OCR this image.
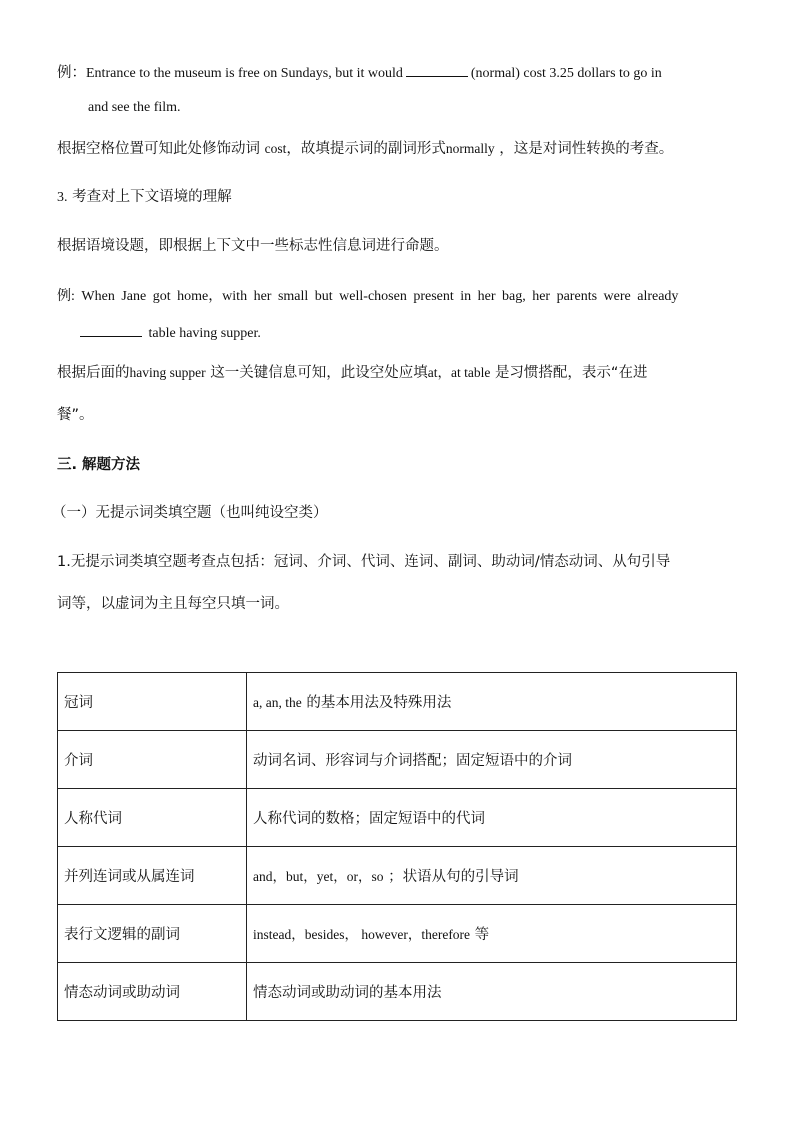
例：Entrance to the museum is free on Sundays, but it would	(normal) cost 3.25 dollars to go in
and see the film.
根据空格位置可知此处修饰动词 cost，故填提示词的副词形式normally ，这是对词性转换的考查。
3. 考查对上下文语境的理解
根据语境设题，即根据上下文中一些标志性信息词进行命题。
例: When Jane got home，with her small but well-chosen present in her bag, her parents were already
table having supper.
根据后面的having supper 这一关键信息可知，此设空处应填at，at table 是习惯搭配，表示“在进
餐”。
三. 解题方法
（一）无提示词类填空题（也叫纯设空类）
1.无提示词类填空题考查点包括：冠词、介词、代词、连词、副词、助动词/情态动词、从句引导
词等，以虚词为主且每空只填一词。
冠词	a, an, the 的基本用法及特殊用法
介词	动词名词、形容词与介词搭配；固定短语中的介词
人称代词	人称代词的数格；固定短语中的代词
并列连词或从属连词	and，but，yet，or，so ；状语从句的引导词
表行文逻辑的副词	instead，besides， however，therefore 等
情态动词或助动词	情态动词或助动词的基本用法
